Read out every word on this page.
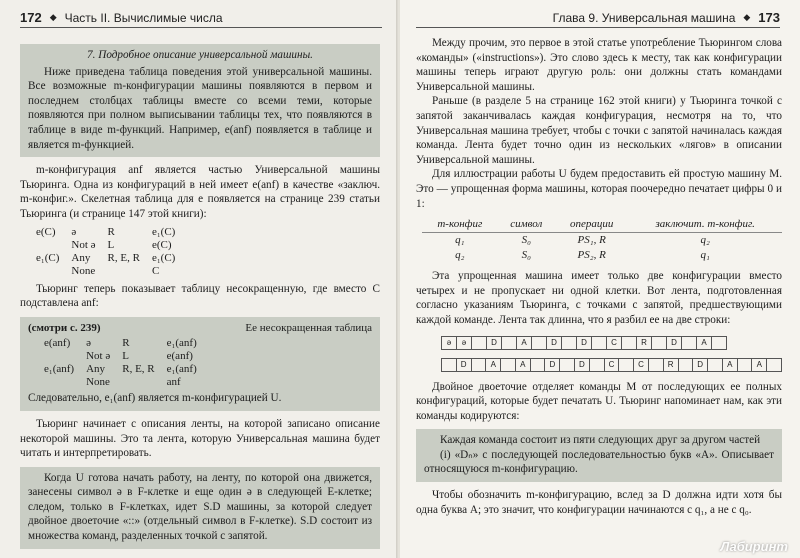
172 ◆ Часть II. Вычислимые числа
7. Подробное описание универсальной машины.

Ниже приведена таблица поведения этой универсальной машины. Все возможные m-конфигурации машины появляются в первом и последнем столбцах таблицы вместе со всеми теми, которые появляются при полном выписывании таблицы тех, что появляются в таблице в виде m-функций. Например, e(anf) появляется в таблице и является m-функцией.

m-конфигурация anf является частью Универсальной машины Тьюринга. Одна из конфигураций в ней имеет e(anf) в качестве «заключ. m-конфиг.». Скелетная таблица для e появляется на странице 239 статьи Тьюринга (и странице 147 этой книги):

e(C)	ə	R	e₁(C)
	Not ə	L	e(C)
e₁(C)	Any	R, E, R	e₁(C)
	None		C

Тьюринг теперь показывает таблицу несокращенную, где вместо C подставлена anf:

(смотри с. 239)	Ее несокращенная таблица
e(anf)	ə	R	e₁(anf)
	Not ə	L	e(anf)
e₁(anf)	Any	R, E, R	e₁(anf)
	None		anf

Следовательно, e₁(anf) является m-конфигурацией U.

Тьюринг начинает с описания ленты, на которой записано описание некоторой машины. Это та лента, которую Универсальная машина будет читать и интерпретировать.

Когда U готова начать работу, на ленту, по которой она движется, занесены символ ə в F-клетке и еще один ə в следующей E-клетке; следом, только в F-клетках, идет S.D машины, за которой следует двойное двоеточие «::» (отдельный символ в F-клетке). S.D состоит из множества команд, разделенных точкой с запятой.

Глава 9. Универсальная машина ◆ 173

Между прочим, это первое в этой статье употребление Тьюрингом слова «команды» («instructions»). Это слово здесь к месту, так как конфигурации машины теперь играют другую роль: они должны стать командами Универсальной машины.

Раньше (в разделе 5 на странице 162 этой книги) у Тьюринга точкой с запятой заканчивалась каждая конфигурация, несмотря на то, что Универсальная машина требует, чтобы с точки с запятой начиналась каждая команда. Лента будет точно один из нескольких «лягов» в описании Универсальной машины.

Для иллюстрации работы U будем предоставить ей простую машину M. Это — упрощенная форма машины, которая поочередно печатает цифры 0 и 1:

m-конфиг	символ	операции	заключит. m-конфиг.
q₁	S₀	PS₁, R	q₂
q₂	S₀	PS₂, R	q₁

Эта упрощенная машина имеет только две конфигурации вместо четырех и не пропускает ни одной клетки. Вот лента, подготовленная согласно указаниям Тьюринга, с точками с запятой, предшествующими каждой команде. Лента так длинна, что я разбил ее на две строки:

ə	ə	D	A	D	D	C	R	D	A
D	A	A	D	D	C	C	R	D	A	A

Двойное двоеточие отделяет команды M от последующих ее полных конфигураций, которые будет печатать U. Тьюринг напоминает нам, как эти команды кодируются:

Каждая команда состоит из пяти следующих друг за другом частей

(i) «Dₙ» с последующей последовательностью букв «A». Описывает относящуюся m-конфигурацию.

Чтобы обозначить m-конфигурацию, вслед за D должна идти хотя бы одна буква A; это значит, что конфигурации начинаются с q₁, а не с q₀.

Лабиринт
